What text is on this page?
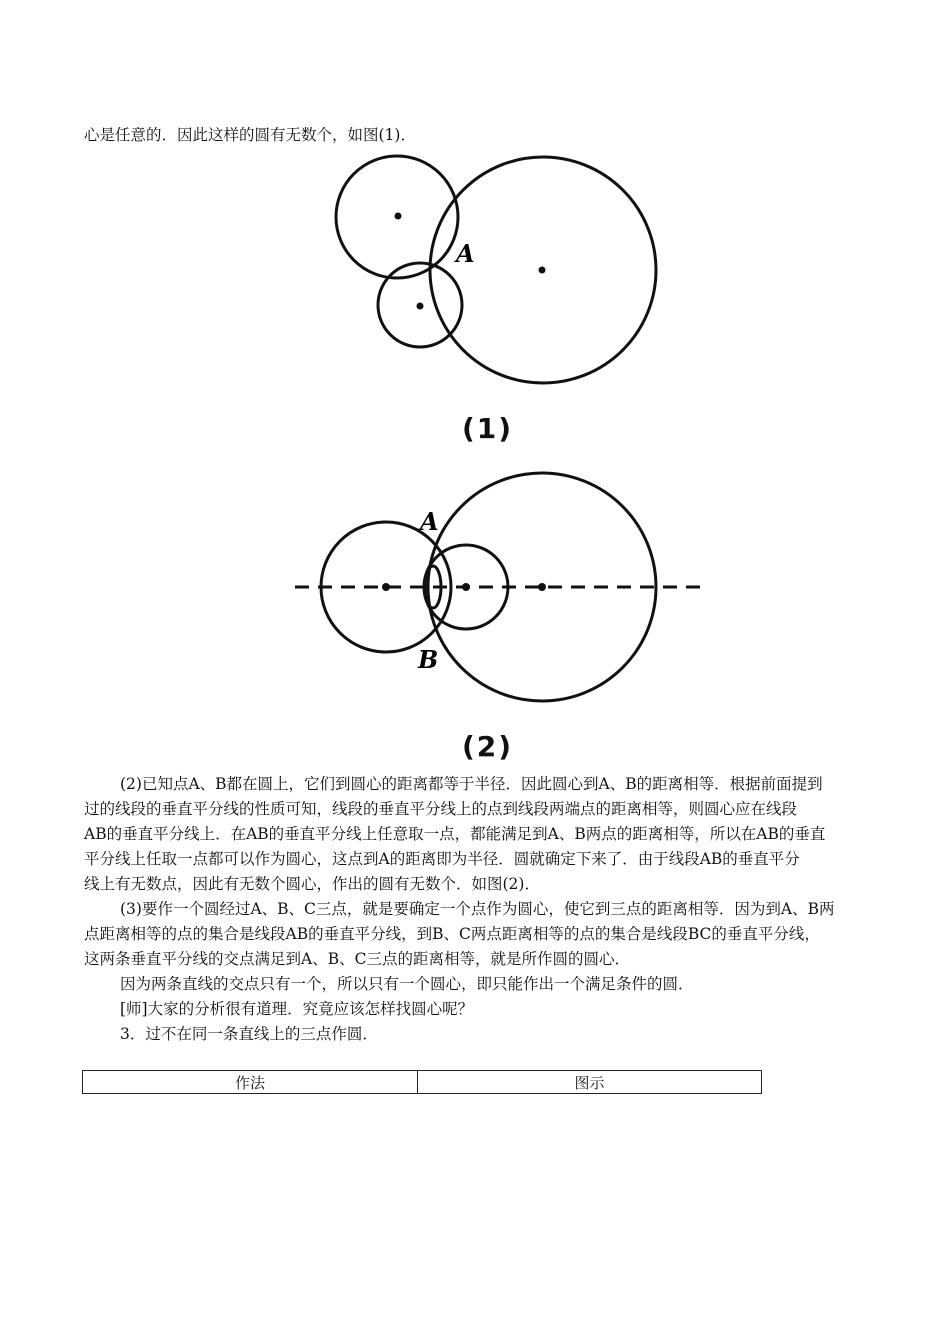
心是任意的．因此这样的圆有无数个，如图(1)．
A
(1)
A
B
(2)
(2)已知点A、B都在圆上，它们到圆心的距离都等于半径．因此圆心到A、B的距离相等．根据前面提到
过的线段的垂直平分线的性质可知，线段的垂直平分线上的点到线段两端点的距离相等，则圆心应在线段
AB的垂直平分线上．在AB的垂直平分线上任意取一点，都能满足到A、B两点的距离相等，所以在AB的垂直
平分线上任取一点都可以作为圆心，这点到A的距离即为半径．圆就确定下来了．由于线段AB的垂直平分
线上有无数点，因此有无数个圆心，作出的圆有无数个．如图(2)．
(3)要作一个圆经过A、B、C三点，就是要确定一个点作为圆心，使它到三点的距离相等．因为到A、B两
点距离相等的点的集合是线段AB的垂直平分线，到B、C两点距离相等的点的集合是线段BC的垂直平分线，
这两条垂直平分线的交点满足到A、B、C三点的距离相等，就是所作圆的圆心．
因为两条直线的交点只有一个，所以只有一个圆心，即只能作出一个满足条件的圆．
[师]大家的分析很有道理．究竟应该怎样找圆心呢？
3．过不在同一条直线上的三点作圆．
作法	图示
